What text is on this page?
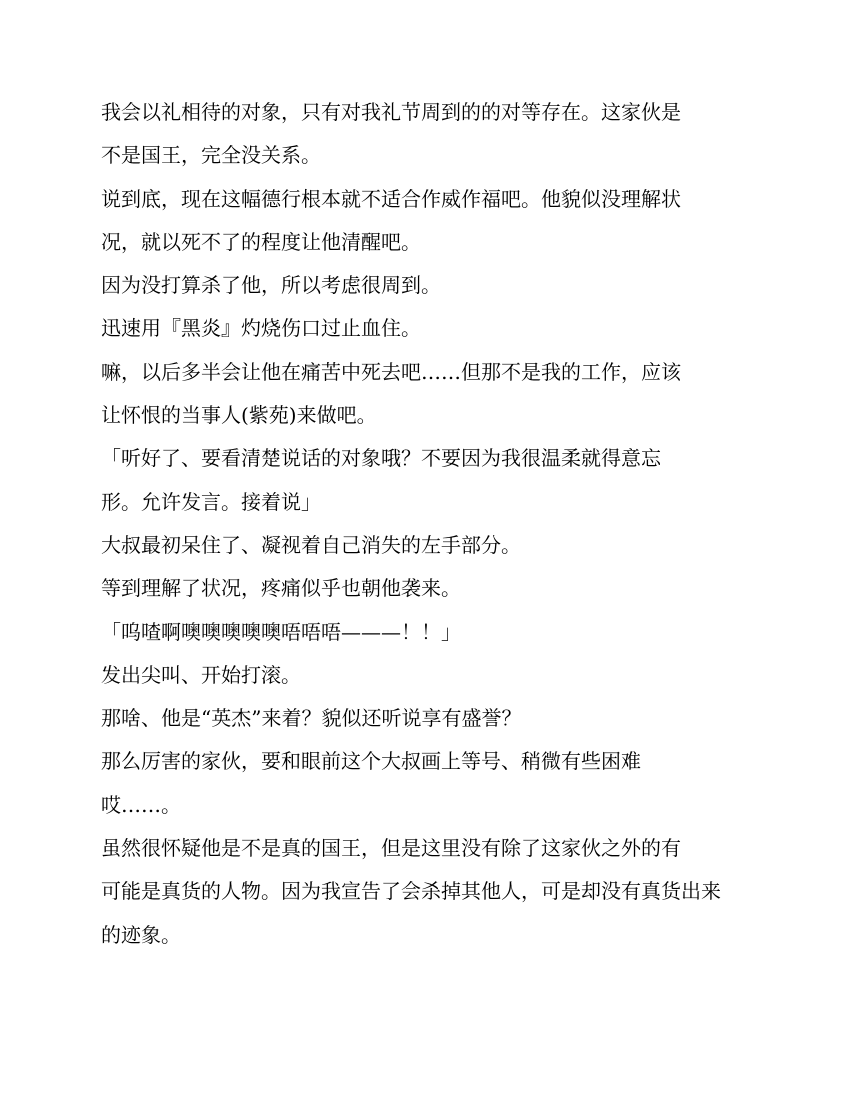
我会以礼相待的对象，只有对我礼节周到的的对等存在。这家伙是
不是国王，完全没关系。
说到底，现在这幅德行根本就不适合作威作福吧。他貌似没理解状
况，就以死不了的程度让他清醒吧。
因为没打算杀了他，所以考虑很周到。
迅速用『黑炎』灼烧伤口过止血住。
嘛，以后多半会让他在痛苦中死去吧……但那不是我的工作，应该
让怀恨的当事人(紫苑)来做吧。
「听好了、要看清楚说话的对象哦？不要因为我很温柔就得意忘
形。允许发言。接着说」
大叔最初呆住了、凝视着自己消失的左手部分。
等到理解了状况，疼痛似乎也朝他袭来。
「呜喳啊噢噢噢噢噢唔唔唔———！！」
发出尖叫、开始打滚。
那啥、他是“英杰”来着？貌似还听说享有盛誉？
那么厉害的家伙，要和眼前这个大叔画上等号、稍微有些困难
哎……。
虽然很怀疑他是不是真的国王，但是这里没有除了这家伙之外的有
可能是真货的人物。因为我宣告了会杀掉其他人，可是却没有真货出来
的迹象。
